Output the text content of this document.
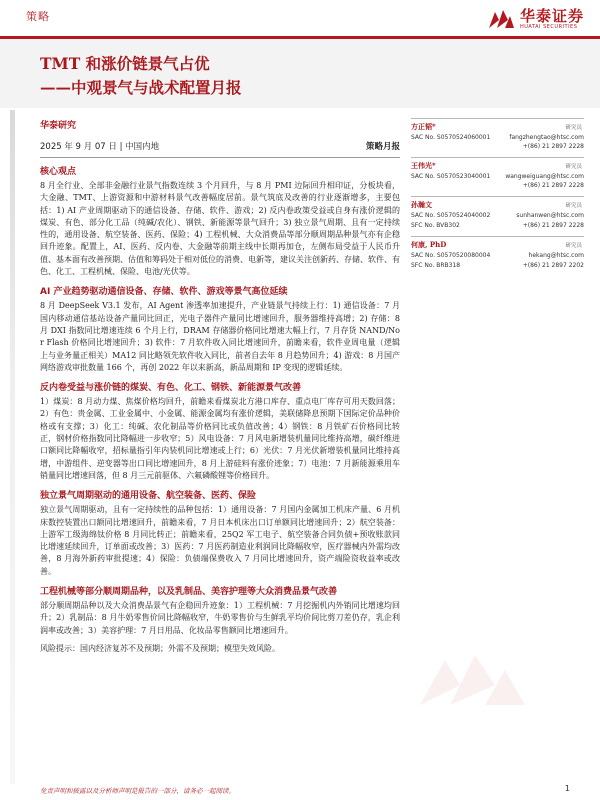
策略	华泰证券
HUATAI SECURITIES
TMT 和涨价链景气占优
——中观景气与战术配置月报
华泰研究
2025 年 9 月 07 日 | 中国内地	策略月报
核心观点
8 月全行业、全部非金融行业景气指数连续 3 个月回升，与 8 月 PMI 边际回升相印证，分板块看，大金融、TMT、上游资源和中游材料景气改善幅度居前。景气筑底及改善的行业逐渐增多，主要包括：1) AI 产业周期驱动下的通信设备、存储、软件、游戏；2) 反内卷政策受益或自身有涨价逻辑的煤炭、有色、部分化工品（纯碱/农化）、钢铁、新能源等景气回升；3) 独立景气周期、且有一定持续性的，通用设备、航空装备、医药、保险；4) 工程机械、大众消费品等部分顺周期品种景气亦有企稳回升迹象。配置上，AI、医药、反内卷、大金融等前期主线中长期再加仓，左侧布局受益于人民币升值、基本面有改善预期、估值和筹码处于相对低位的消费、电新等，建议关注创新药、存储、软件、有色、化工、工程机械、保险、电池/光伏等。
AI 产业趋势驱动通信设备、存储、软件、游戏等景气高位延续
8 月 DeepSeek V3.1 发布，AI Agent 渗透率加速提升，产业链景气持续上行：1) 通信设备：7 月国内移动通信基站设备产量同比回正，光电子器件产量同比增速回升，服务器维持高增；2) 存储：8 月 DXI 指数同比增速连续 6 个月上行，DRAM 存储器价格同比增速大幅上行，7 月存货 NAND/Nor Flash 价格同比增速回升；3) 软件：7 月软件收入同比增速回升，前瞻来看，软件业周电量（逻辑上与业务量正相关）MA12 同比略领先软件收入同比，前者自去年 8 月趋势回升；4) 游戏：8 月国产网络游戏审批数量 166 个，再创 2022 年以来新高，新品周期和 IP 变现的逻辑延续。
反内卷受益与涨价链的煤炭、有色、化工、钢铁、新能源景气改善
1）煤炭：8 月动力煤、焦煤价格均回升，前瞻来看煤炭北方港口库存、重点电厂库存可用天数回落；2）有色：贵金属、工业金属中、小金属、能源金属均有涨价逻辑，美联储降息预期下国际定价品种价格或有支撑；3）化工：纯碱、农化制品等价格同比或负值改善；4）钢铁：8 月铁矿石价格同比转正，钢材价格指数同比降幅进一步收窄；5）风电设备：7 月风电新增装机量同比维持高增，碳纤维进口额同比降幅收窄，招标量指引年内装机同比增速或上行；6）光伏：7 月光伏新增装机量同比维持高增，中游组件、逆变器等出口同比增速回升，8 月上游硅料有涨价迹象；7）电池：7 月新能源乘用车销量同比增速回落，但 8 月三元前驱体、六氟磷酸锂等价格回升。
独立景气周期驱动的通用设备、航空装备、医药、保险
独立景气周期驱动，且有一定持续性的品种包括：1）通用设备：7 月国内金属加工机床产量、6 月机床数控装置出口额同比增速回升，前瞻来看，7 月日本机床出口订单额同比增速回升；2）航空装备：上游军工级海绵钛价格 8 月同比转正；前瞻来看，25Q2 军工电子、航空装备合同负债+预收账款同比增速延续回升，订单面或改善；3）医药：7 月医药制造业利润同比降幅收窄，医疗器械内外需均改善，8 月海外新药审批提速；4）保险：负债端保费收入 7 月同比增速回升，资产端险资收益率或改善。
工程机械等部分顺周期品种，以及乳制品、美容护理等大众消费品景气改善
部分顺周期品种以及大众消费品景气有企稳回升迹象：1）工程机械：7 月挖掘机内外销同比增速均回升；2）乳制品：8 月牛奶零售价同比降幅收窄，牛奶零售价与生鲜乳平均价间比剪刀差仍存，乳企利润率或改善；3）美容护理：7 月日用品、化妆品零售额同比增速回升。
风险提示：国内经济复苏不及预期；外需不及预期；模型失效风险。
方正韬*	研究员
SAC No. S0570524060001	fangzhengtao@htsc.com
+(86) 21 2897 2228
王伟光*	研究员
SAC No. S0570523040001	wangweiguang@htsc.com
+(86) 21 2897 2228
孙瀚文	研究员
SAC No. S0570524040002	sunhanwen@htsc.com
SFC No. BVB302	+(86) 21 2897 2228
何康, PhD	研究员
SAC No. S0570520080004	hekang@htsc.com
SFC No. BRB318	+(86) 21 2897 2202
免责声明和披露以及分析师声明是报告的一部分，请务必一起阅读。	1
